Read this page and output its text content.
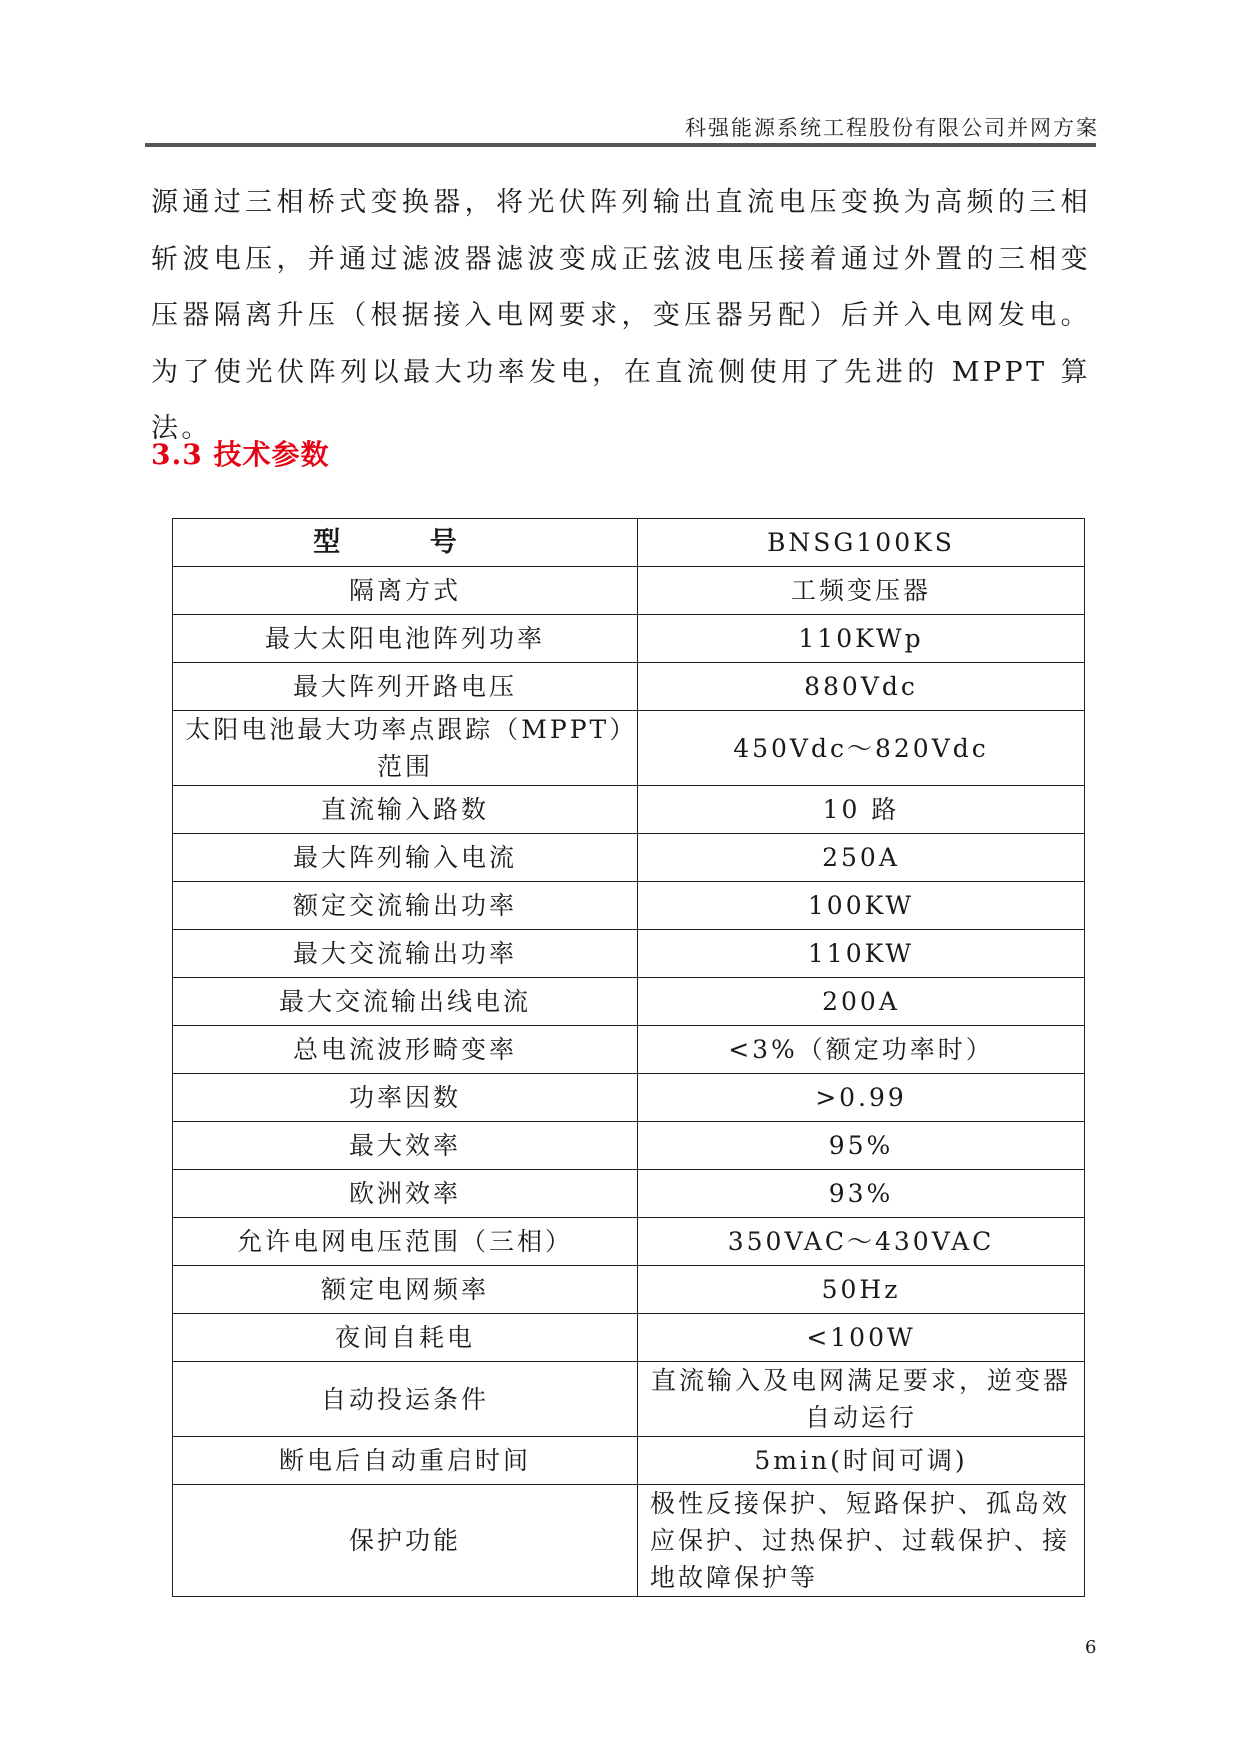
科强能源系统工程股份有限公司并网方案

源通过三相桥式变换器，将光伏阵列输出直流电压变换为高频的三相斩波电压，并通过滤波器滤波变成正弦波电压接着通过外置的三相变压器隔离升压（根据接入电网要求，变压器另配）后并入电网发电。为了使光伏阵列以最大功率发电，在直流侧使用了先进的 MPPT 算法。

3.3 技术参数
型 号	BNSG100KS
隔离方式	工频变压器
最大太阳电池阵列功率	110KWp
最大阵列开路电压	880Vdc
太阳电池最大功率点跟踪（MPPT）范围	450Vdc～820Vdc
直流输入路数	10 路
最大阵列输入电流	250A
额定交流输出功率	100KW
最大交流输出功率	110KW
最大交流输出线电流	200A
总电流波形畸变率	<3%（额定功率时）
功率因数	>0.99
最大效率	95%
欧洲效率	93%
允许电网电压范围（三相）	350VAC～430VAC
额定电网频率	50Hz
夜间自耗电	<100W
自动投运条件	直流输入及电网满足要求，逆变器自动运行
断电后自动重启时间	5min(时间可调)
保护功能	极性反接保护、短路保护、孤岛效应保护、过热保护、过载保护、接地故障保护等
6
